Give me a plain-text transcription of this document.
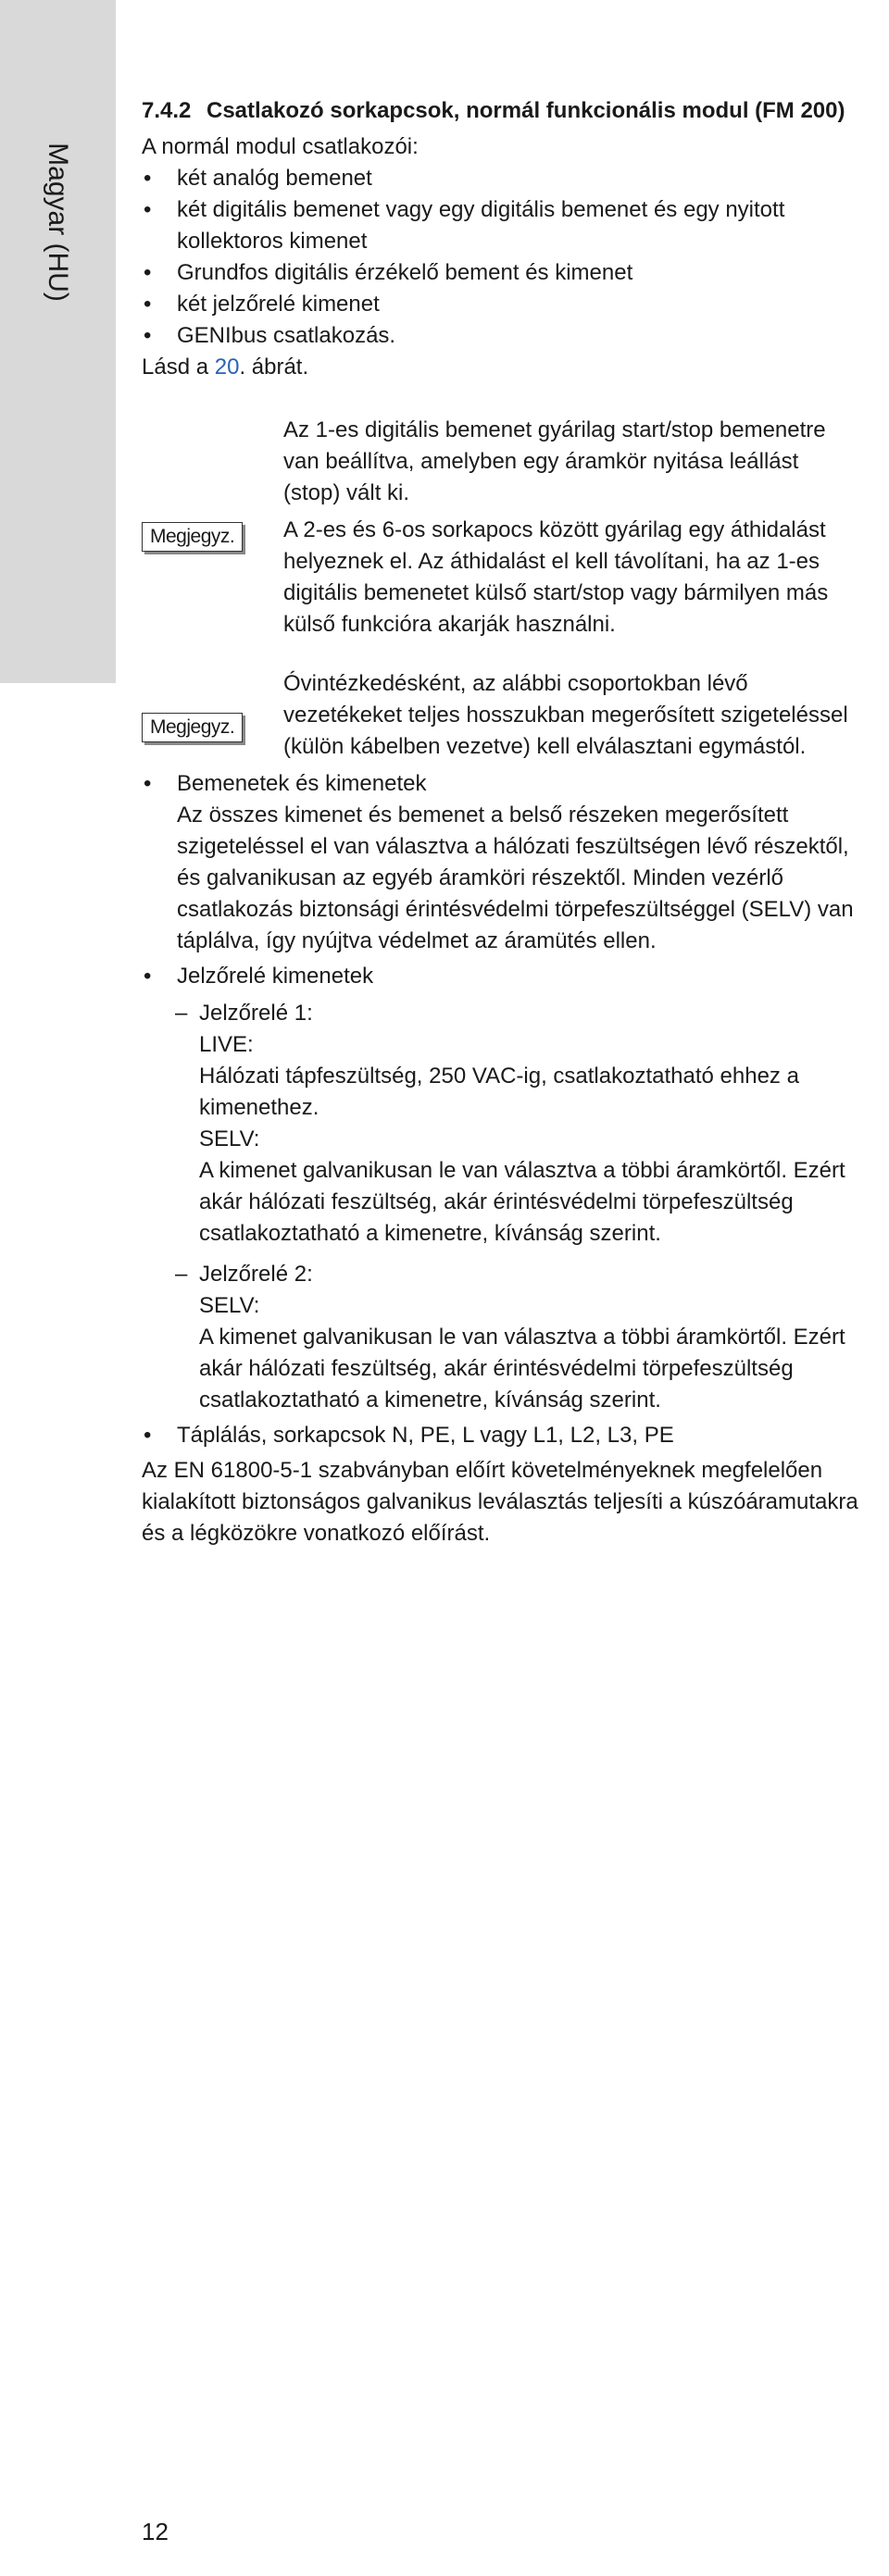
Magyar (HU)
7.4.2 Csatlakozó sorkapcsok, normál funkcionális modul (FM 200)

A normál modul csatlakozói:

• két analóg bemenet
• két digitális bemenet vagy egy digitális bemenet és egy nyitott kollektoros kimenet
• Grundfos digitális érzékelő bement és kimenet
• két jelzőrelé kimenet
• GENIbus csatlakozás.

Lásd a 20. ábrát.

Megjegyz.

Az 1-es digitális bemenet gyárilag start/stop bemenetre van beállítva, amelyben egy áramkör nyitása leállást (stop) vált ki.

A 2-es és 6-os sorkapocs között gyárilag egy áthidalást helyeznek el. Az áthidalást el kell távolítani, ha az 1-es digitális bemenetet külső start/stop vagy bármilyen más külső funkcióra akarják használni.

Megjegyz.

Óvintézkedésként, az alábbi csoportokban lévő vezetékeket teljes hosszukban megerősített szigeteléssel (külön kábelben vezetve) kell elválasztani egymástól.

• Bemenetek és kimenetek
Az összes kimenet és bemenet a belső részeken megerősített szigeteléssel el van választva a hálózati feszültségen lévő részektől, és galvanikusan az egyéb áramköri részektől. Minden vezérlő csatlakozás biztonsági érintésvédelmi törpefeszültséggel (SELV) van táplálva, így nyújtva védelmet az áramütés ellen.
• Jelzőrelé kimenetek
– Jelzőrelé 1:
LIVE:
Hálózati tápfeszültség, 250 VAC-ig, csatlakoztatható ehhez a kimenethez.
SELV:
A kimenet galvanikusan le van választva a többi áramkörtől. Ezért akár hálózati feszültség, akár érintésvédelmi törpefeszültség csatlakoztatható a kimenetre, kívánság szerint.
– Jelzőrelé 2:
SELV:
A kimenet galvanikusan le van választva a többi áramkörtől. Ezért akár hálózati feszültség, akár érintésvédelmi törpefeszültség csatlakoztatható a kimenetre, kívánság szerint.
• Táplálás, sorkapcsok N, PE, L vagy L1, L2, L3, PE

Az EN 61800-5-1 szabványban előírt követelményeknek megfelelően kialakított biztonságos galvanikus leválasztás teljesíti a kúszóáramutakra és a légközökre vonatkozó előírást.

12
